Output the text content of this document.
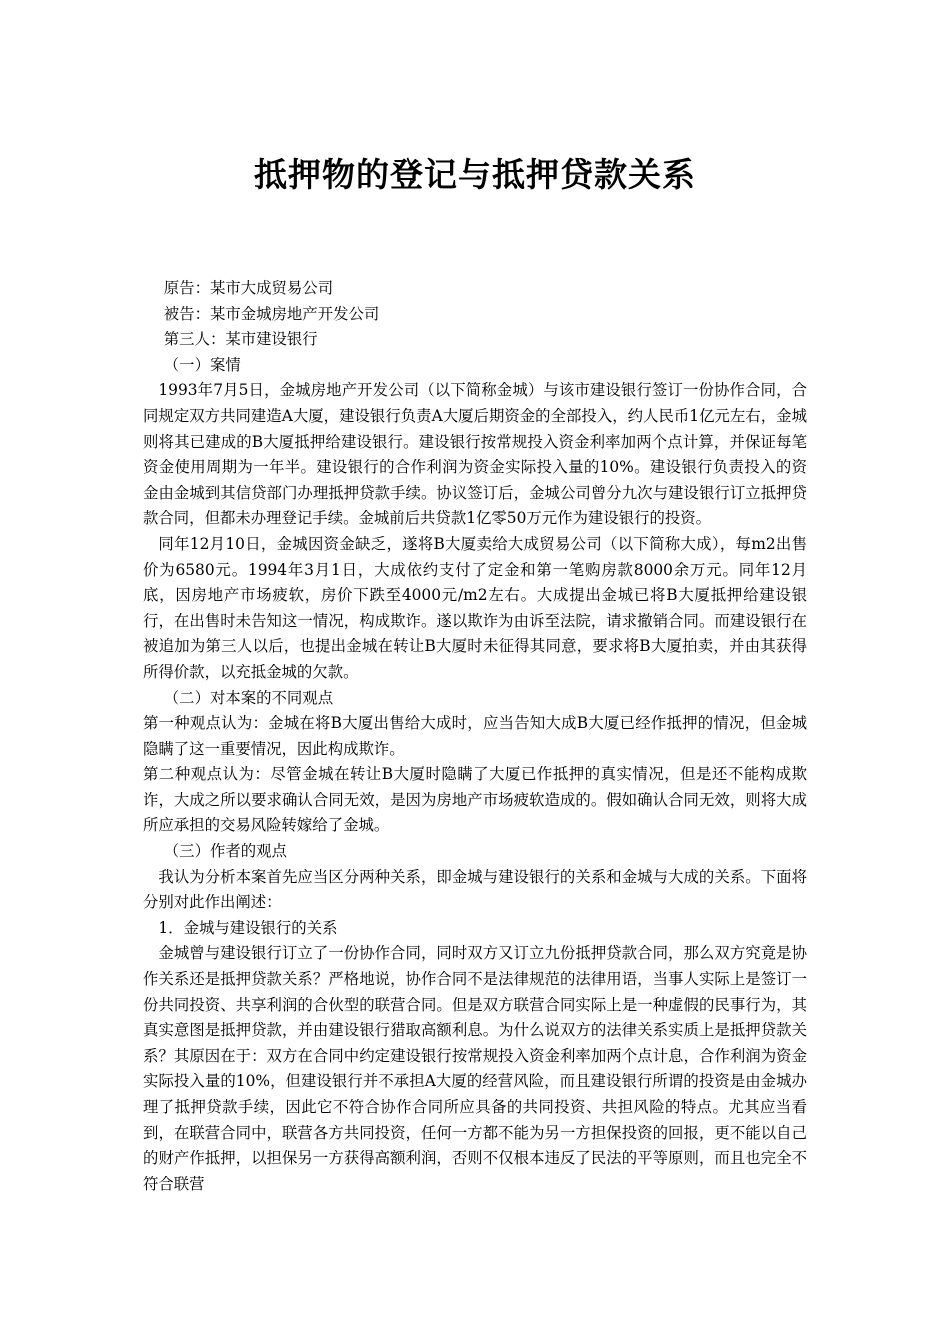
抵押物的登记与抵押贷款关系

原告：某市大成贸易公司

被告：某市金城房地产开发公司

第三人：某市建设银行

（一）案情

1993年7月5日，金城房地产开发公司（以下简称金城）与该市建设银行签订一份协作合同，合同规定双方共同建造A大厦，建设银行负责A大厦后期资金的全部投入，约人民币1亿元左右，金城则将其已建成的B大厦抵押给建设银行。建设银行按常规投入资金利率加两个点计算，并保证每笔资金使用周期为一年半。建设银行的合作利润为资金实际投入量的10%。建设银行负责投入的资金由金城到其信贷部门办理抵押贷款手续。协议签订后，金城公司曾分九次与建设银行订立抵押贷款合同，但都未办理登记手续。金城前后共贷款1亿零50万元作为建设银行的投资。

同年12月10日，金城因资金缺乏，遂将B大厦卖给大成贸易公司（以下简称大成），每m2出售价为6580元。1994年3月1日，大成依约支付了定金和第一笔购房款8000余万元。同年12月底，因房地产市场疲软，房价下跌至4000元/m2左右。大成提出金城已将B大厦抵押给建设银行，在出售时未告知这一情况，构成欺诈。遂以欺诈为由诉至法院，请求撤销合同。而建设银行在被追加为第三人以后，也提出金城在转让B大厦时未征得其同意，要求将B大厦拍卖，并由其获得所得价款，以充抵金城的欠款。

（二）对本案的不同观点

第一种观点认为：金城在将B大厦出售给大成时，应当告知大成B大厦已经作抵押的情况，但金城隐瞒了这一重要情况，因此构成欺诈。

第二种观点认为：尽管金城在转让B大厦时隐瞒了大厦已作抵押的真实情况，但是还不能构成欺诈，大成之所以要求确认合同无效，是因为房地产市场疲软造成的。假如确认合同无效，则将大成所应承担的交易风险转嫁给了金城。

（三）作者的观点

我认为分析本案首先应当区分两种关系，即金城与建设银行的关系和金城与大成的关系。下面将分别对此作出阐述：

1．金城与建设银行的关系

金城曾与建设银行订立了一份协作合同，同时双方又订立九份抵押贷款合同，那么双方究竟是协作关系还是抵押贷款关系？严格地说，协作合同不是法律规范的法律用语，当事人实际上是签订一份共同投资、共享利润的合伙型的联营合同。但是双方联营合同实际上是一种虚假的民事行为，其真实意图是抵押贷款，并由建设银行猎取高额利息。为什么说双方的法律关系实质上是抵押贷款关系？其原因在于：双方在合同中约定建设银行按常规投入资金利率加两个点计息，合作利润为资金实际投入量的10%，但建设银行并不承担A大厦的经营风险，而且建设银行所谓的投资是由金城办理了抵押贷款手续，因此它不符合协作合同所应具备的共同投资、共担风险的特点。尤其应当看到，在联营合同中，联营各方共同投资，任何一方都不能为另一方担保投资的回报，更不能以自己的财产作抵押，以担保另一方获得高额利润，否则不仅根本违反了民法的平等原则，而且也完全不符合联营
